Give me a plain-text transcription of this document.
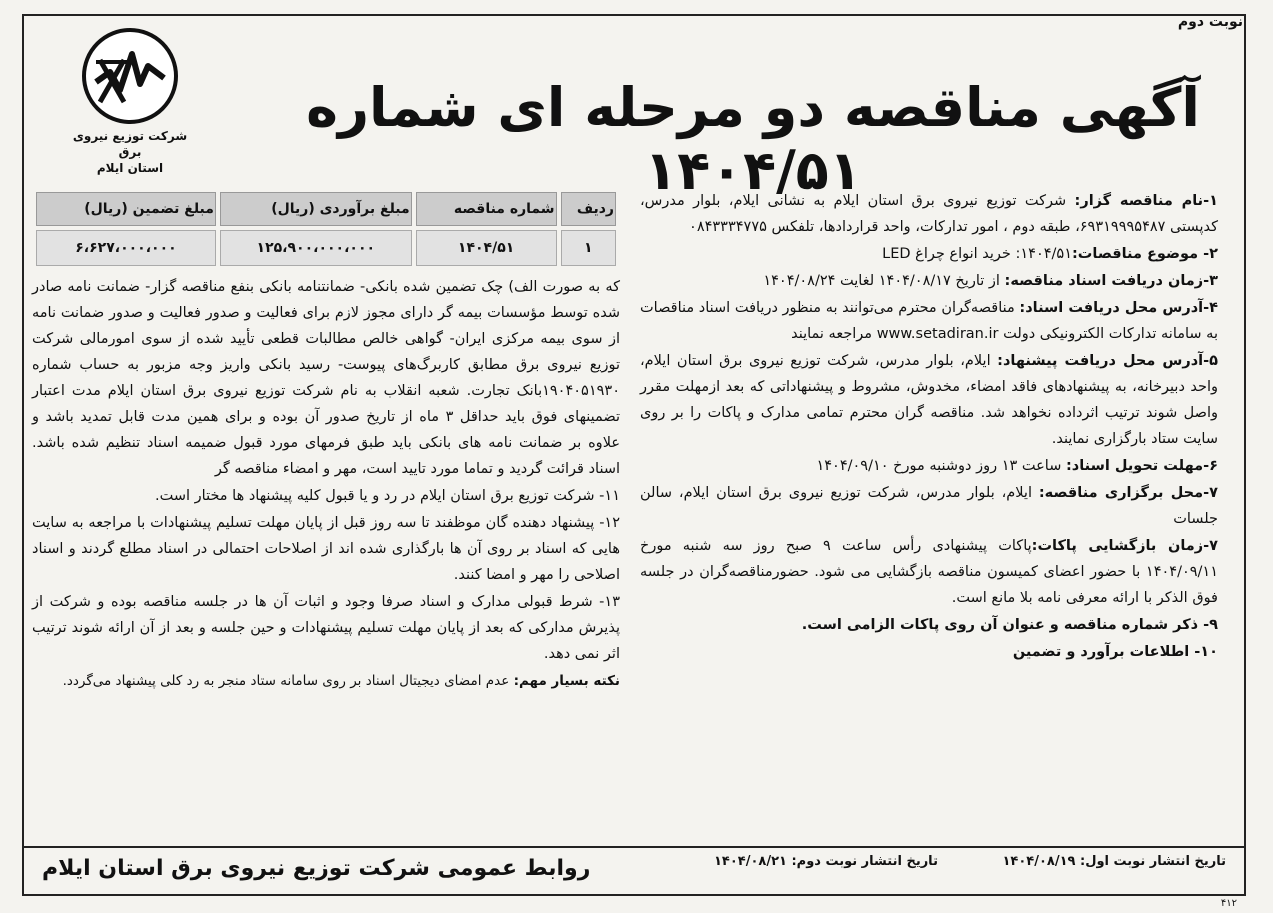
نوبت دوم
شرکت توزیع نیروی برق
استان ایلام
آگهی مناقصه دو مرحله ای شماره ۱۴۰۴/۵۱	۱-نام مناقصه گزار: شرکت توزیع نیروی برق استان ایلام به نشانی ایلام، بلوار مدرس، کدپستی ۶۹۳۱۹۹۹۵۴۸۷، طبقه دوم ، امور تدارکات، واحد قراردادها، تلفکس ۰۸۴۳۳۳۴۷۷۵
۲- موضوع مناقصات:۱۴۰۴/۵۱: خرید انواع چراغ LED
۳-زمان دریافت اسناد مناقصه: از تاریخ ۱۴۰۴/۰۸/۱۷ لغایت ۱۴۰۴/۰۸/۲۴
۴-آدرس محل دریافت اسناد: مناقصه‌گران محترم می‌توانند به منظور دریافت اسناد مناقصات به سامانه تدارکات الکترونیکی دولت www.setadiran.ir مراجعه نمایند
۵-آدرس محل دریافت پیشنهاد: ایلام، بلوار مدرس، شرکت توزیع نیروی برق استان ایلام، واحد دبیرخانه، به پیشنهادهای فاقد امضاء، مخدوش، مشروط و پیشنهاداتی که بعد ازمهلت مقرر واصل شوند ترتیب اثرداده نخواهد شد. مناقصه گران محترم تمامی مدارک و پاکات را بر روی سایت ستاد بارگزاری نمایند.
۶-مهلت تحویل اسناد: ساعت ۱۳ روز دوشنبه مورخ ۱۴۰۴/۰۹/۱۰
۷-محل برگزاری مناقصه: ایلام، بلوار مدرس، شرکت توزیع نیروی برق استان ایلام، سالن جلسات
۷-زمان بازگشایی پاکات:پاکات پیشنهادی رأس ساعت ۹ صبح روز سه شنبه مورخ ۱۴۰۴/۰۹/۱۱ با حضور اعضای کمیسون مناقصه بازگشایی می شود. حضورمناقصه‌گران در جلسه فوق الذکر با ارائه معرفی نامه بلا مانع است.
۹- ذکر شماره مناقصه و عنوان آن روی پاکات الزامی است.
۱۰- اطلاعات برآورد و تضمین
ردیف	شماره مناقصه	مبلغ برآوردی (ریال)	مبلغ تضمین (ریال)
۱	۱۴۰۴/۵۱	۱۲۵،۹۰۰،۰۰۰،۰۰۰	۶،۶۲۷،۰۰۰،۰۰۰
که به صورت الف) چک تضمین شده بانکی- ضمانتنامه بانکی بنفع مناقصه گزار- ضمانت نامه صادر شده توسط مؤسسات بیمه گر دارای مجوز لازم برای فعالیت و صدور فعالیت و صدور ضمانت نامه از سوی بیمه مرکزی ایران- گواهی خالص مطالبات قطعی تأیید شده از سوی امورمالی شرکت توزیع نیروی برق مطابق کاربرگ‌های پیوست- رسید بانکی واریز وجه مزبور به حساب شماره ۱۹۰۴۰۵۱۹۳۰بانک تجارت. شعبه انقلاب به نام شرکت توزیع نیروی برق استان ایلام مدت اعتبار تضمینهای فوق باید حداقل ۳ ماه از تاریخ صدور آن بوده و برای همین مدت قابل تمدید باشد و علاوه بر ضمانت نامه های بانکی باید طبق فرمهای مورد قبول ضمیمه اسناد تنظیم شده باشد. اسناد قرائت گردید و تماما مورد تایید است، مهر و امضاء مناقصه گر
۱۱- شرکت توزیع برق استان ایلام در رد و یا قبول کلیه پیشنهاد ها مختار است.
۱۲- پیشنهاد دهنده گان موظفند تا سه روز قبل از پایان مهلت تسلیم پیشنهادات با مراجعه به سایت هایی که اسناد بر روی آن ها بارگذاری شده اند از اصلاحات احتمالی در اسناد مطلع گردند و اسناد اصلاحی را مهر و امضا کنند.
۱۳- شرط قبولی مدارک و اسناد صرفا وجود و اثبات آن ها در جلسه مناقصه بوده و شرکت از پذیرش مدارکی که بعد از پایان مهلت تسلیم پیشنهادات و حین جلسه و بعد از آن ارائه شوند ترتیب اثر نمی دهد.
نکته بسیار مهم: عدم امضای دیجیتال اسناد بر روی سامانه ستاد منجر به رد کلی پیشنهاد می‌گردد.
تاریخ انتشار نوبت اول: ۱۴۰۴/۰۸/۱۹ تاریخ انتشار نوبت دوم: ۱۴۰۴/۰۸/۲۱
روابط عمومی شرکت توزیع نیروی برق استان ایلام
۴۱۲
